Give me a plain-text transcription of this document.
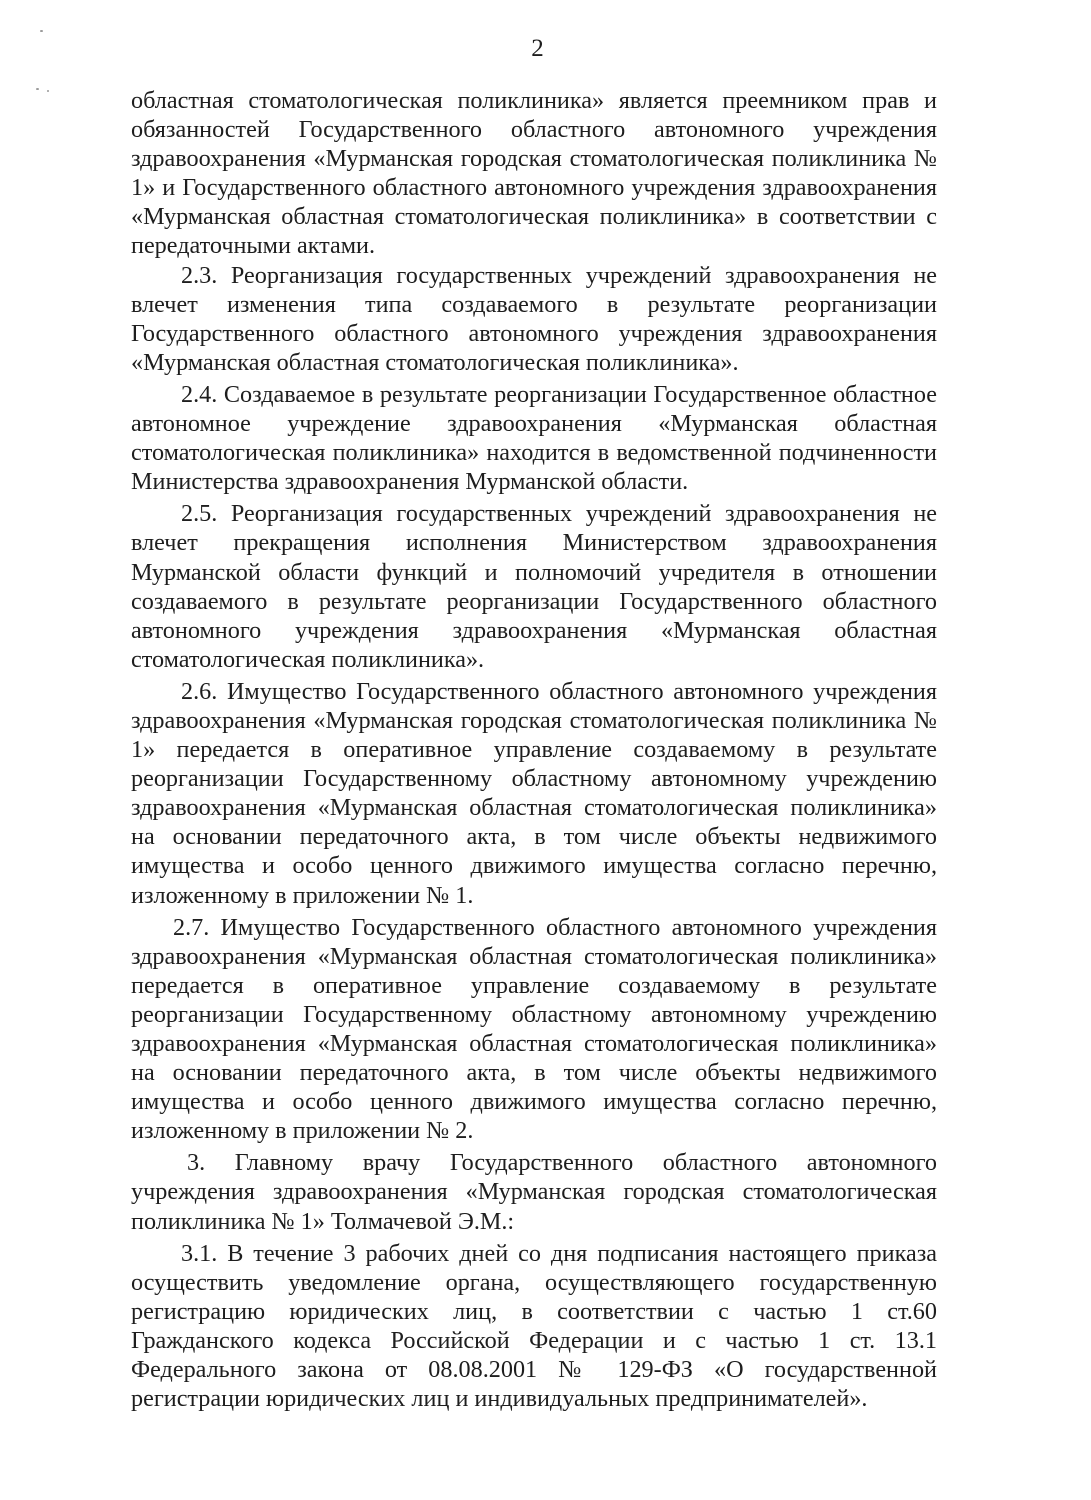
2

областная стоматологическая поликлиника» является преемником прав и обязанностей Государственного областного автономного учреждения здравоохранения «Мурманская городская стоматологическая поликлиника № 1» и Государственного областного автономного учреждения здравоохранения «Мурманская областная стоматологическая поликлиника» в соответствии с передаточными актами.

2.3. Реорганизация государственных учреждений здравоохранения не влечет изменения типа создаваемого в результате реорганизации Государственного областного автономного учреждения здравоохранения «Мурманская областная стоматологическая поликлиника».

2.4. Создаваемое в результате реорганизации Государственное областное автономное учреждение здравоохранения «Мурманская областная стоматологическая поликлиника» находится в ведомственной подчиненности Министерства здравоохранения Мурманской области.

2.5. Реорганизация государственных учреждений здравоохранения не влечет прекращения исполнения Министерством здравоохранения Мурманской области функций и полномочий учредителя в отношении создаваемого в результате реорганизации Государственного областного автономного учреждения здравоохранения «Мурманская областная стоматологическая поликлиника».

2.6. Имущество Государственного областного автономного учреждения здравоохранения «Мурманская городская стоматологическая поликлиника № 1» передается в оперативное управление создаваемому в результате реорганизации Государственному областному автономному учреждению здравоохранения «Мурманская областная стоматологическая поликлиника» на основании передаточного акта, в том числе объекты недвижимого имущества и особо ценного движимого имущества согласно перечню, изложенному в приложении № 1.

2.7. Имущество Государственного областного автономного учреждения здравоохранения «Мурманская областная стоматологическая поликлиника» передается в оперативное управление создаваемому в результате реорганизации Государственному областному автономному учреждению здравоохранения «Мурманская областная стоматологическая поликлиника» на основании передаточного акта, в том числе объекты недвижимого имущества и особо ценного движимого имущества согласно перечню, изложенному в приложении № 2.

3. Главному врачу Государственного областного автономного учреждения здравоохранения «Мурманская городская стоматологическая поликлиника № 1» Толмачевой Э.М.:

3.1. В течение 3 рабочих дней со дня подписания настоящего приказа осуществить уведомление органа, осуществляющего государственную регистрацию юридических лиц, в соответствии с частью 1 ст.60 Гражданского кодекса Российской Федерации и с частью 1 ст. 13.1 Федерального закона от 08.08.2001 № 129-ФЗ «О государственной регистрации юридических лиц и индивидуальных предпринимателей».
